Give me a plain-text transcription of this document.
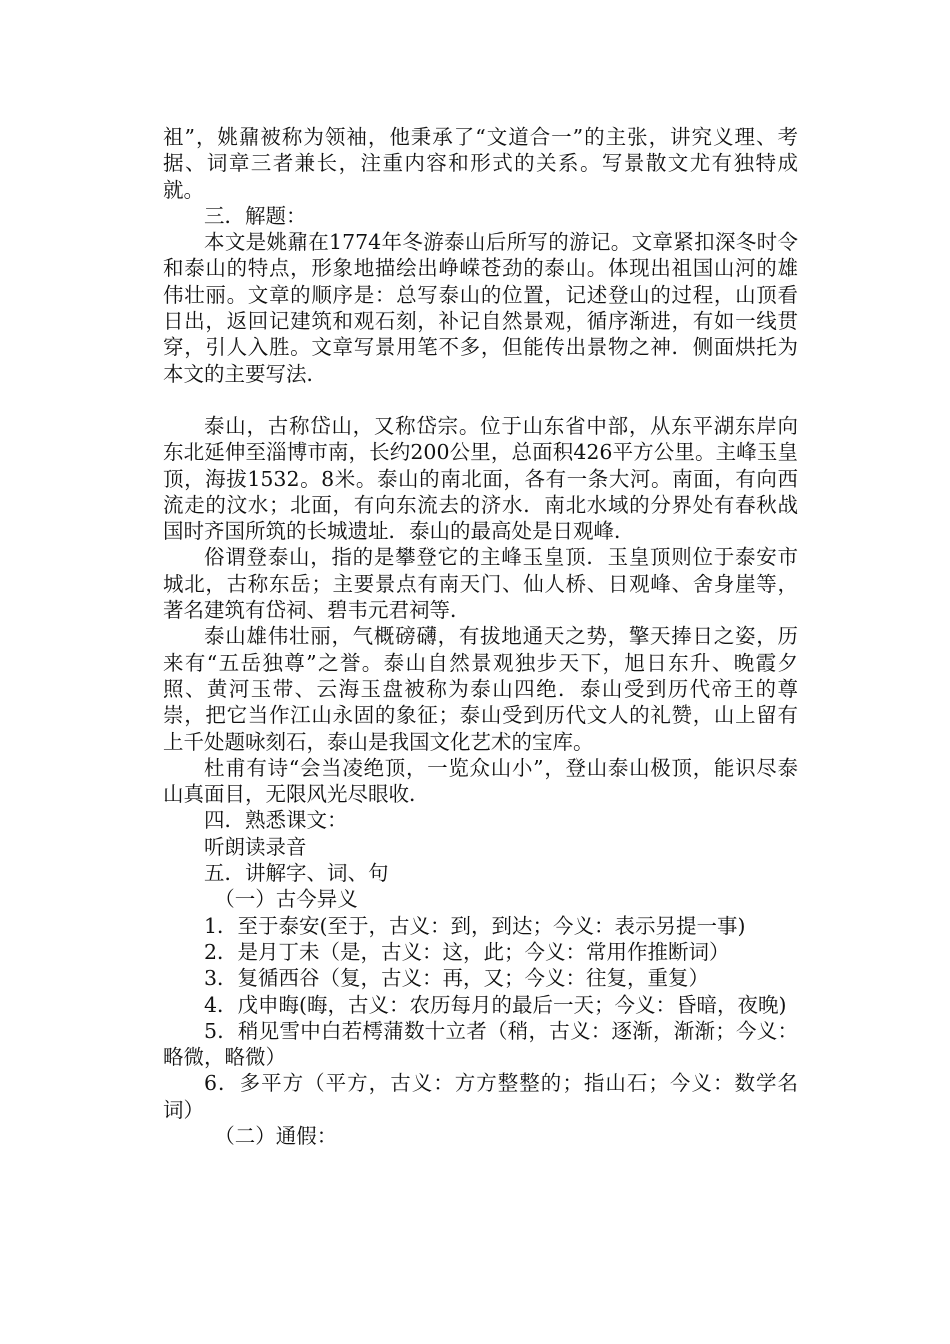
祖”，姚鼐被称为领袖，他秉承了“文道合一”的主张，讲究义理、考据、词章三者兼长，注重内容和形式的关系。写景散文尤有独特成就。

三．解题：

本文是姚鼐在1774年冬游泰山后所写的游记。文章紧扣深冬时令和泰山的特点，形象地描绘出峥嵘苍劲的泰山。体现出祖国山河的雄伟壮丽。文章的顺序是：总写泰山的位置，记述登山的过程，山顶看日出，返回记建筑和观石刻，补记自然景观，循序渐进，有如一线贯穿，引人入胜。文章写景用笔不多，但能传出景物之神．侧面烘托为本文的主要写法．

泰山，古称岱山，又称岱宗。位于山东省中部，从东平湖东岸向东北延伸至淄博市南，长约200公里，总面积426平方公里。主峰玉皇顶，海拔1532。8米。泰山的南北面，各有一条大河。南面，有向西流走的汶水；北面，有向东流去的济水．南北水域的分界处有春秋战国时齐国所筑的长城遗址．泰山的最高处是日观峰．

俗谓登泰山，指的是攀登它的主峰玉皇顶．玉皇顶则位于泰安市城北，古称东岳；主要景点有南天门、仙人桥、日观峰、舍身崖等，著名建筑有岱祠、碧韦元君祠等．

泰山雄伟壮丽，气概磅礴，有拔地通天之势，擎天捧日之姿，历来有“五岳独尊”之誉。泰山自然景观独步天下，旭日东升、晚霞夕照、黄河玉带、云海玉盘被称为泰山四绝．泰山受到历代帝王的尊崇，把它当作江山永固的象征；泰山受到历代文人的礼赞，山上留有上千处题咏刻石，泰山是我国文化艺术的宝库。

杜甫有诗“会当凌绝顶，一览众山小”，登山泰山极顶，能识尽泰山真面目，无限风光尽眼收．

四．熟悉课文：

听朗读录音

五．讲解字、词、句

（一）古今异义

1．至于泰安(至于，古义：到，到达；今义：表示另提一事)

2．是月丁未（是，古义：这，此；今义：常用作推断词）

3．复循西谷（复，古义：再，又；今义：往复，重复）

4．戊申晦(晦，古义：农历每月的最后一天；今义：昏暗，夜晚)

5．稍见雪中白若樗蒲数十立者（稍，古义：逐渐，渐渐；今义：略微，略微）

6．多平方（平方，古义：方方整整的；指山石；今义：数学名词）

（二）通假：
